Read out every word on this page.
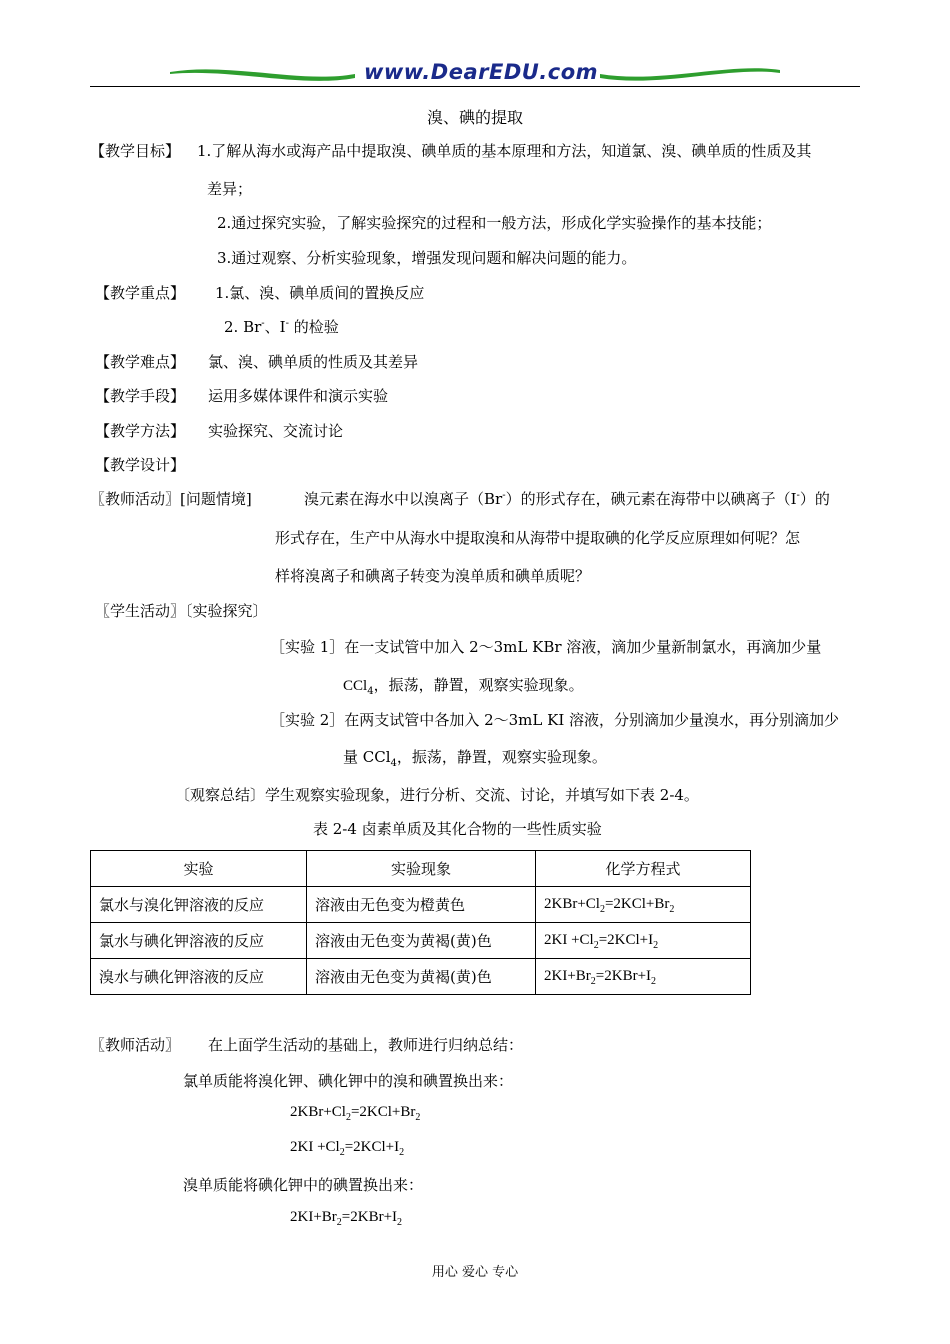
www.DearEDU.com
溴、碘的提取
【教学目标】 1.了解从海水或海产品中提取溴、碘单质的基本原理和方法，知道氯、溴、碘单质的性质及其
差异；
2.通过探究实验，了解实验探究的过程和一般方法，形成化学实验操作的基本技能；
3.通过观察、分析实验现象，增强发现问题和解决问题的能力。
【教学重点】 1.氯、溴、碘单质间的置换反应
2. Br-、I- 的检验
【教学难点】 氯、溴、碘单质的性质及其差异
【教学手段】 运用多媒体课件和演示实验
【教学方法】 实验探究、交流讨论
【教学设计】
〖教师活动〗[问题情境]	溴元素在海水中以溴离子（Br-）的形式存在，碘元素在海带中以碘离子（I-）的
形式存在，生产中从海水中提取溴和从海带中提取碘的化学反应原理如何呢？怎
样将溴离子和碘离子转变为溴单质和碘单质呢？
〖学生活动〗〔实验探究〕
［实验 1］在一支试管中加入 2～3mL KBr 溶液，滴加少量新制氯水，再滴加少量
CCl$_4$，振荡，静置，观察实验现象。
［实验 2］在两支试管中各加入 2～3mL KI 溶液，分别滴加少量溴水，再分别滴加少
量 CCl$_4$，振荡，静置，观察实验现象。
〔观察总结〕学生观察实验现象，进行分析、交流、讨论，并填写如下表 2-4。
表 2-4 卤素单质及其化合物的一些性质实验
实验	实验现象	化学方程式
氯水与溴化钾溶液的反应	溶液由无色变为橙黄色	$2KBr+Cl_2=2KCl+Br_2$
氯水与碘化钾溶液的反应	溶液由无色变为黄褐(黄)色	$2KI +Cl_2=2KCl+I_2$
溴水与碘化钾溶液的反应	溶液由无色变为黄褐(黄)色	$2KI+Br_2=2KBr+I_2$
〖教师活动〗 在上面学生活动的基础上，教师进行归纳总结：
氯单质能将溴化钾、碘化钾中的溴和碘置换出来：
$2KBr+Cl_2=2KCl+Br_2$
$2KI +Cl_2=2KCl+I_2$
溴单质能将碘化钾中的碘置换出来：
$2KI+Br_2=2KBr+I_2$
用心 爱心 专心
